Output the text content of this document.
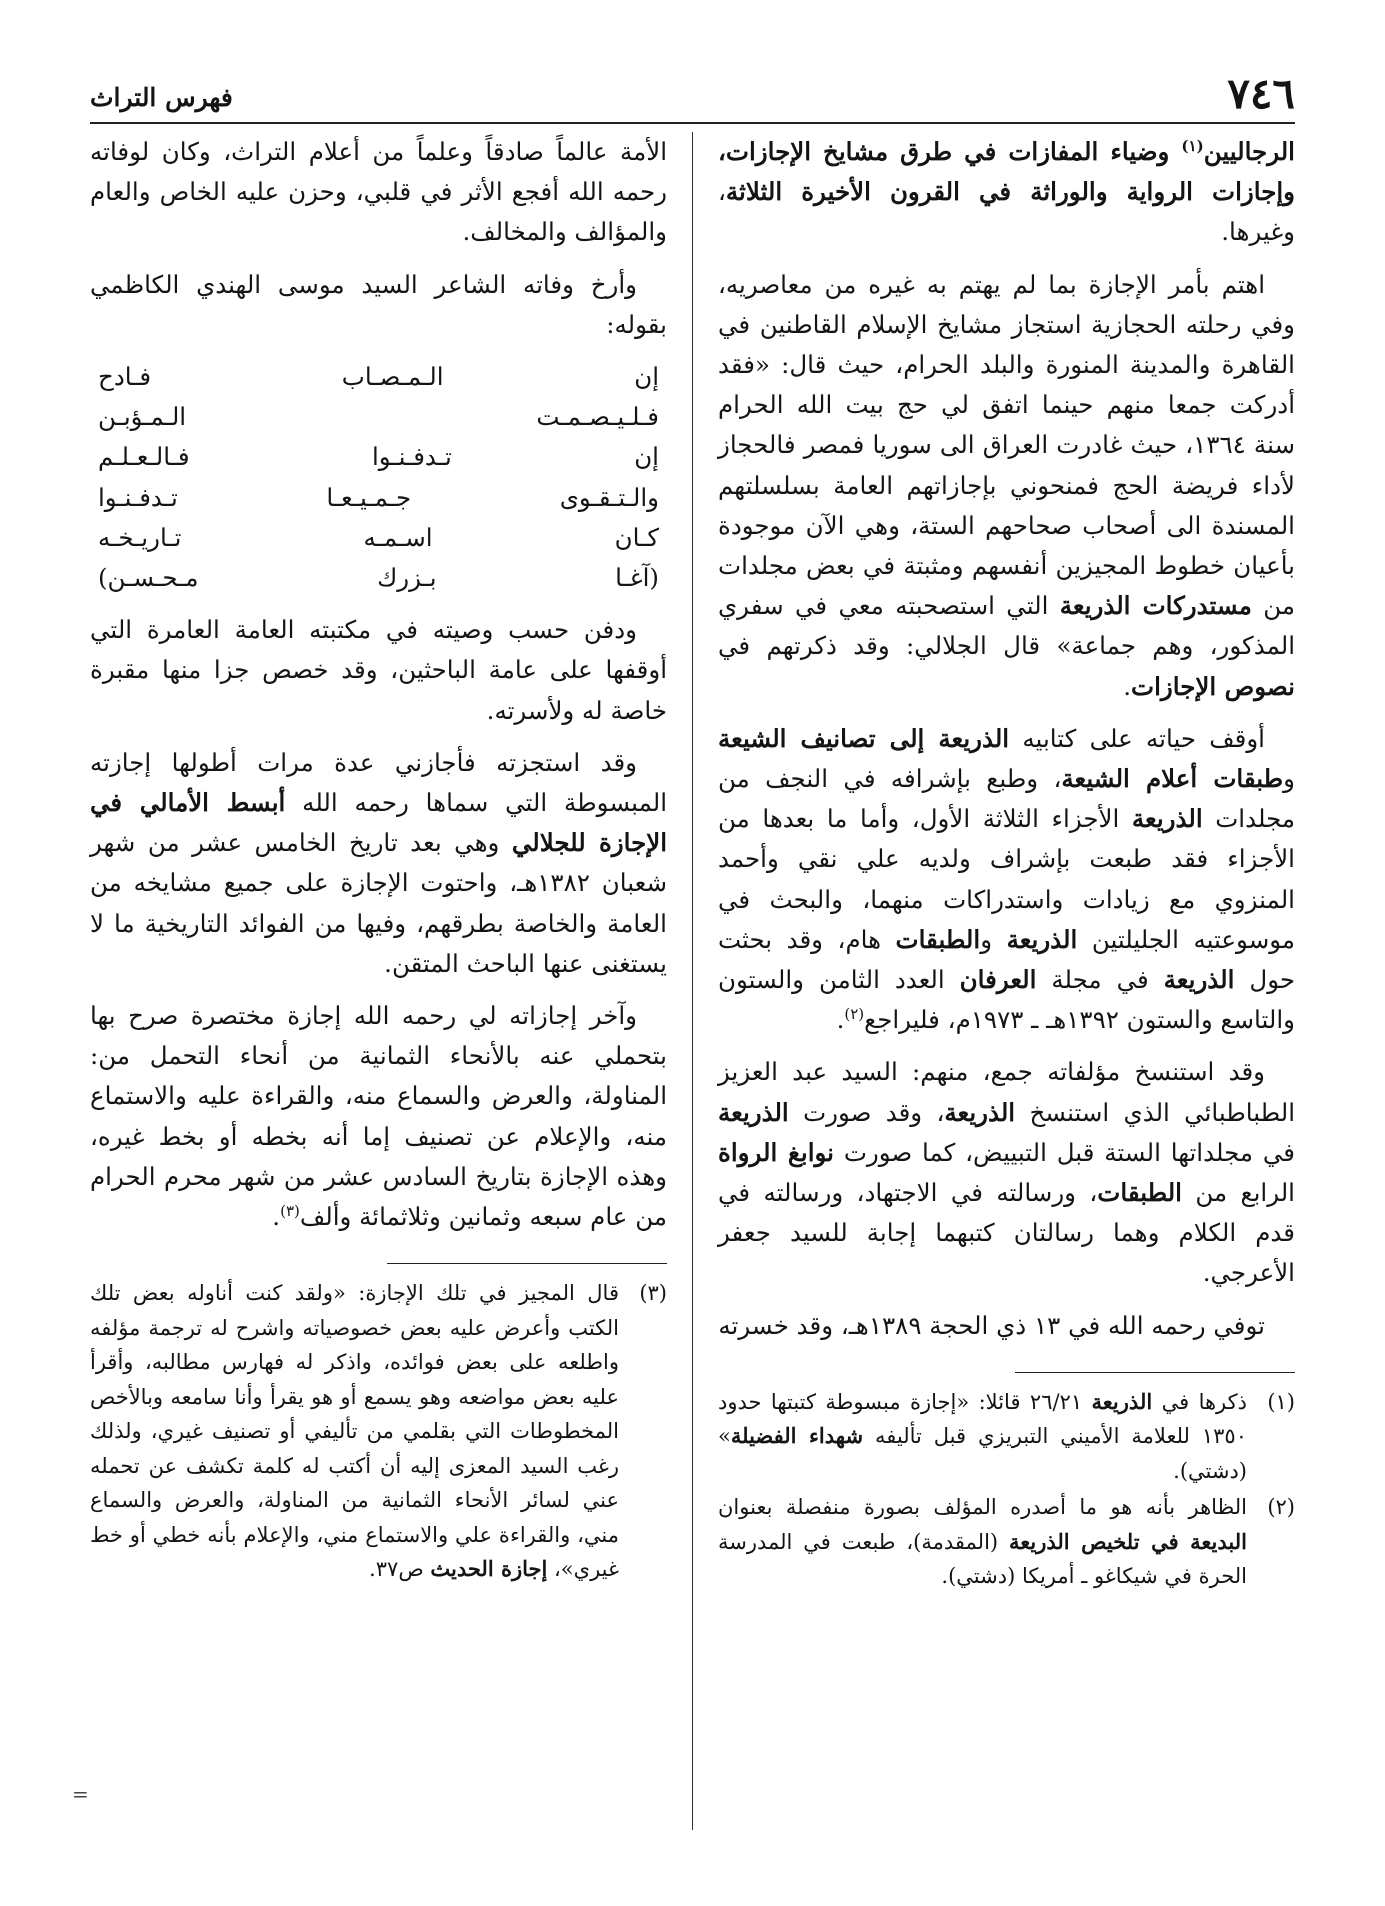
٧٤٦
فهرس التراث

الرجاليين$^{(١)}$ وضياء المفازات في طرق مشايخ الإجازات، وإجازات الرواية والوراثة في القرون الأخيرة الثلاثة، وغيرها.

اهتم بأمر الإجازة بما لم يهتم به غيره من معاصريه، وفي رحلته الحجازية استجاز مشايخ الإسلام القاطنين في القاهرة والمدينة المنورة والبلد الحرام، حيث قال: «فقد أدركت جمعا منهم حينما اتفق لي حج بيت الله الحرام سنة ١٣٦٤، حيث غادرت العراق الى سوريا فمصر فالحجاز لأداء فريضة الحج فمنحوني بإجازاتهم العامة بسلسلتهم المسندة الى أصحاب صحاحهم الستة، وهي الآن موجودة بأعيان خطوط المجيزين أنفسهم ومثبتة في بعض مجلدات من مستدركات الذريعة التي استصحبته معي في سفري المذكور، وهم جماعة» قال الجلالي: وقد ذكرتهم في نصوص الإجازات.

أوقف حياته على كتابيه الذريعة إلى تصانيف الشيعة وطبقات أعلام الشيعة، وطبع بإشرافه في النجف من مجلدات الذريعة الأجزاء الثلاثة الأول، وأما ما بعدها من الأجزاء فقد طبعت بإشراف ولديه علي نقي وأحمد المنزوي مع زيادات واستدراكات منهما، والبحث في موسوعتيه الجليلتين الذريعة والطبقات هام، وقد بحثت حول الذريعة في مجلة العرفان العدد الثامن والستون والتاسع والستون ١٣٩٢هـ ـ ١٩٧٣م، فليراجع$^{(٢)}$.

وقد استنسخ مؤلفاته جمع، منهم: السيد عبد العزيز الطباطبائي الذي استنسخ الذريعة، وقد صورت الذريعة في مجلداتها الستة قبل التبييض، كما صورت نوابغ الرواة الرابع من الطبقات، ورسالته في الاجتهاد، ورسالته في قدم الكلام وهما رسالتان كتبهما إجابة للسيد جعفر الأعرجي.

توفي رحمه الله في ١٣ ذي الحجة ١٣٨٩هـ، وقد خسرته

(١)
ذكرها في الذريعة ٢٦/٢١ قائلا: «إجازة مبسوطة كتبتها حدود ١٣٥٠ للعلامة الأميني التبريزي قبل تأليفه شهداء الفضيلة» (دشتي).
(٢)
الظاهر بأنه هو ما أصدره المؤلف بصورة منفصلة بعنوان البديعة في تلخيص الذريعة (المقدمة)، طبعت في المدرسة الحرة في شيكاغو ـ أمريكا (دشتي).

الأمة عالماً صادقاً وعلماً من أعلام التراث، وكان لوفاته رحمه الله أفجع الأثر في قلبي، وحزن عليه الخاص والعام والمؤالف والمخالف.

وأرخ وفاته الشاعر السيد موسى الهندي الكاظمي بقوله:

إن الـمـصـاب فـادح

فـلـيـصـمـت الـمـؤبـن

إن تـدفـنـوا فـالـعـلـم

والـتـقـوى جـمـيـعـا تـدفـنـوا

كـان اسـمـه تـاريـخـه

(آغـا بـزرك مـحـسـن)

ودفن حسب وصيته في مكتبته العامة العامرة التي أوقفها على عامة الباحثين، وقد خصص جزا منها مقبرة خاصة له ولأسرته.

وقد استجزته فأجازني عدة مرات أطولها إجازته المبسوطة التي سماها رحمه الله أبسط الأمالي في الإجازة للجلالي وهي بعد تاريخ الخامس عشر من شهر شعبان ١٣٨٢هـ، واحتوت الإجازة على جميع مشايخه من العامة والخاصة بطرقهم، وفيها من الفوائد التاريخية ما لا يستغنى عنها الباحث المتقن.

وآخر إجازاته لي رحمه الله إجازة مختصرة صرح بها بتحملي عنه بالأنحاء الثمانية من أنحاء التحمل من: المناولة، والعرض والسماع منه، والقراءة عليه والاستماع منه، والإعلام عن تصنيف إما أنه بخطه أو بخط غيره، وهذه الإجازة بتاريخ السادس عشر من شهر محرم الحرام من عام سبعه وثمانين وثلاثمائة وألف$^{(٣)}$.

(٣)
قال المجيز في تلك الإجازة: «ولقد كنت أناوله بعض تلك الكتب وأعرض عليه بعض خصوصياته واشرح له ترجمة مؤلفه واطلعه على بعض فوائده، واذكر له فهارس مطالبه، وأقرأ عليه بعض مواضعه وهو يسمع أو هو يقرأ وأنا سامعه وبالأخص المخطوطات التي بقلمي من تأليفي أو تصنيف غيري، ولذلك رغب السيد المعزى إليه أن أكتب له كلمة تكشف عن تحمله عني لسائر الأنحاء الثمانية من المناولة، والعرض والسماع مني، والقراءة علي والاستماع مني، والإعلام بأنه خطي أو خط غيري»، إجازة الحديث ص٣٧.
=
